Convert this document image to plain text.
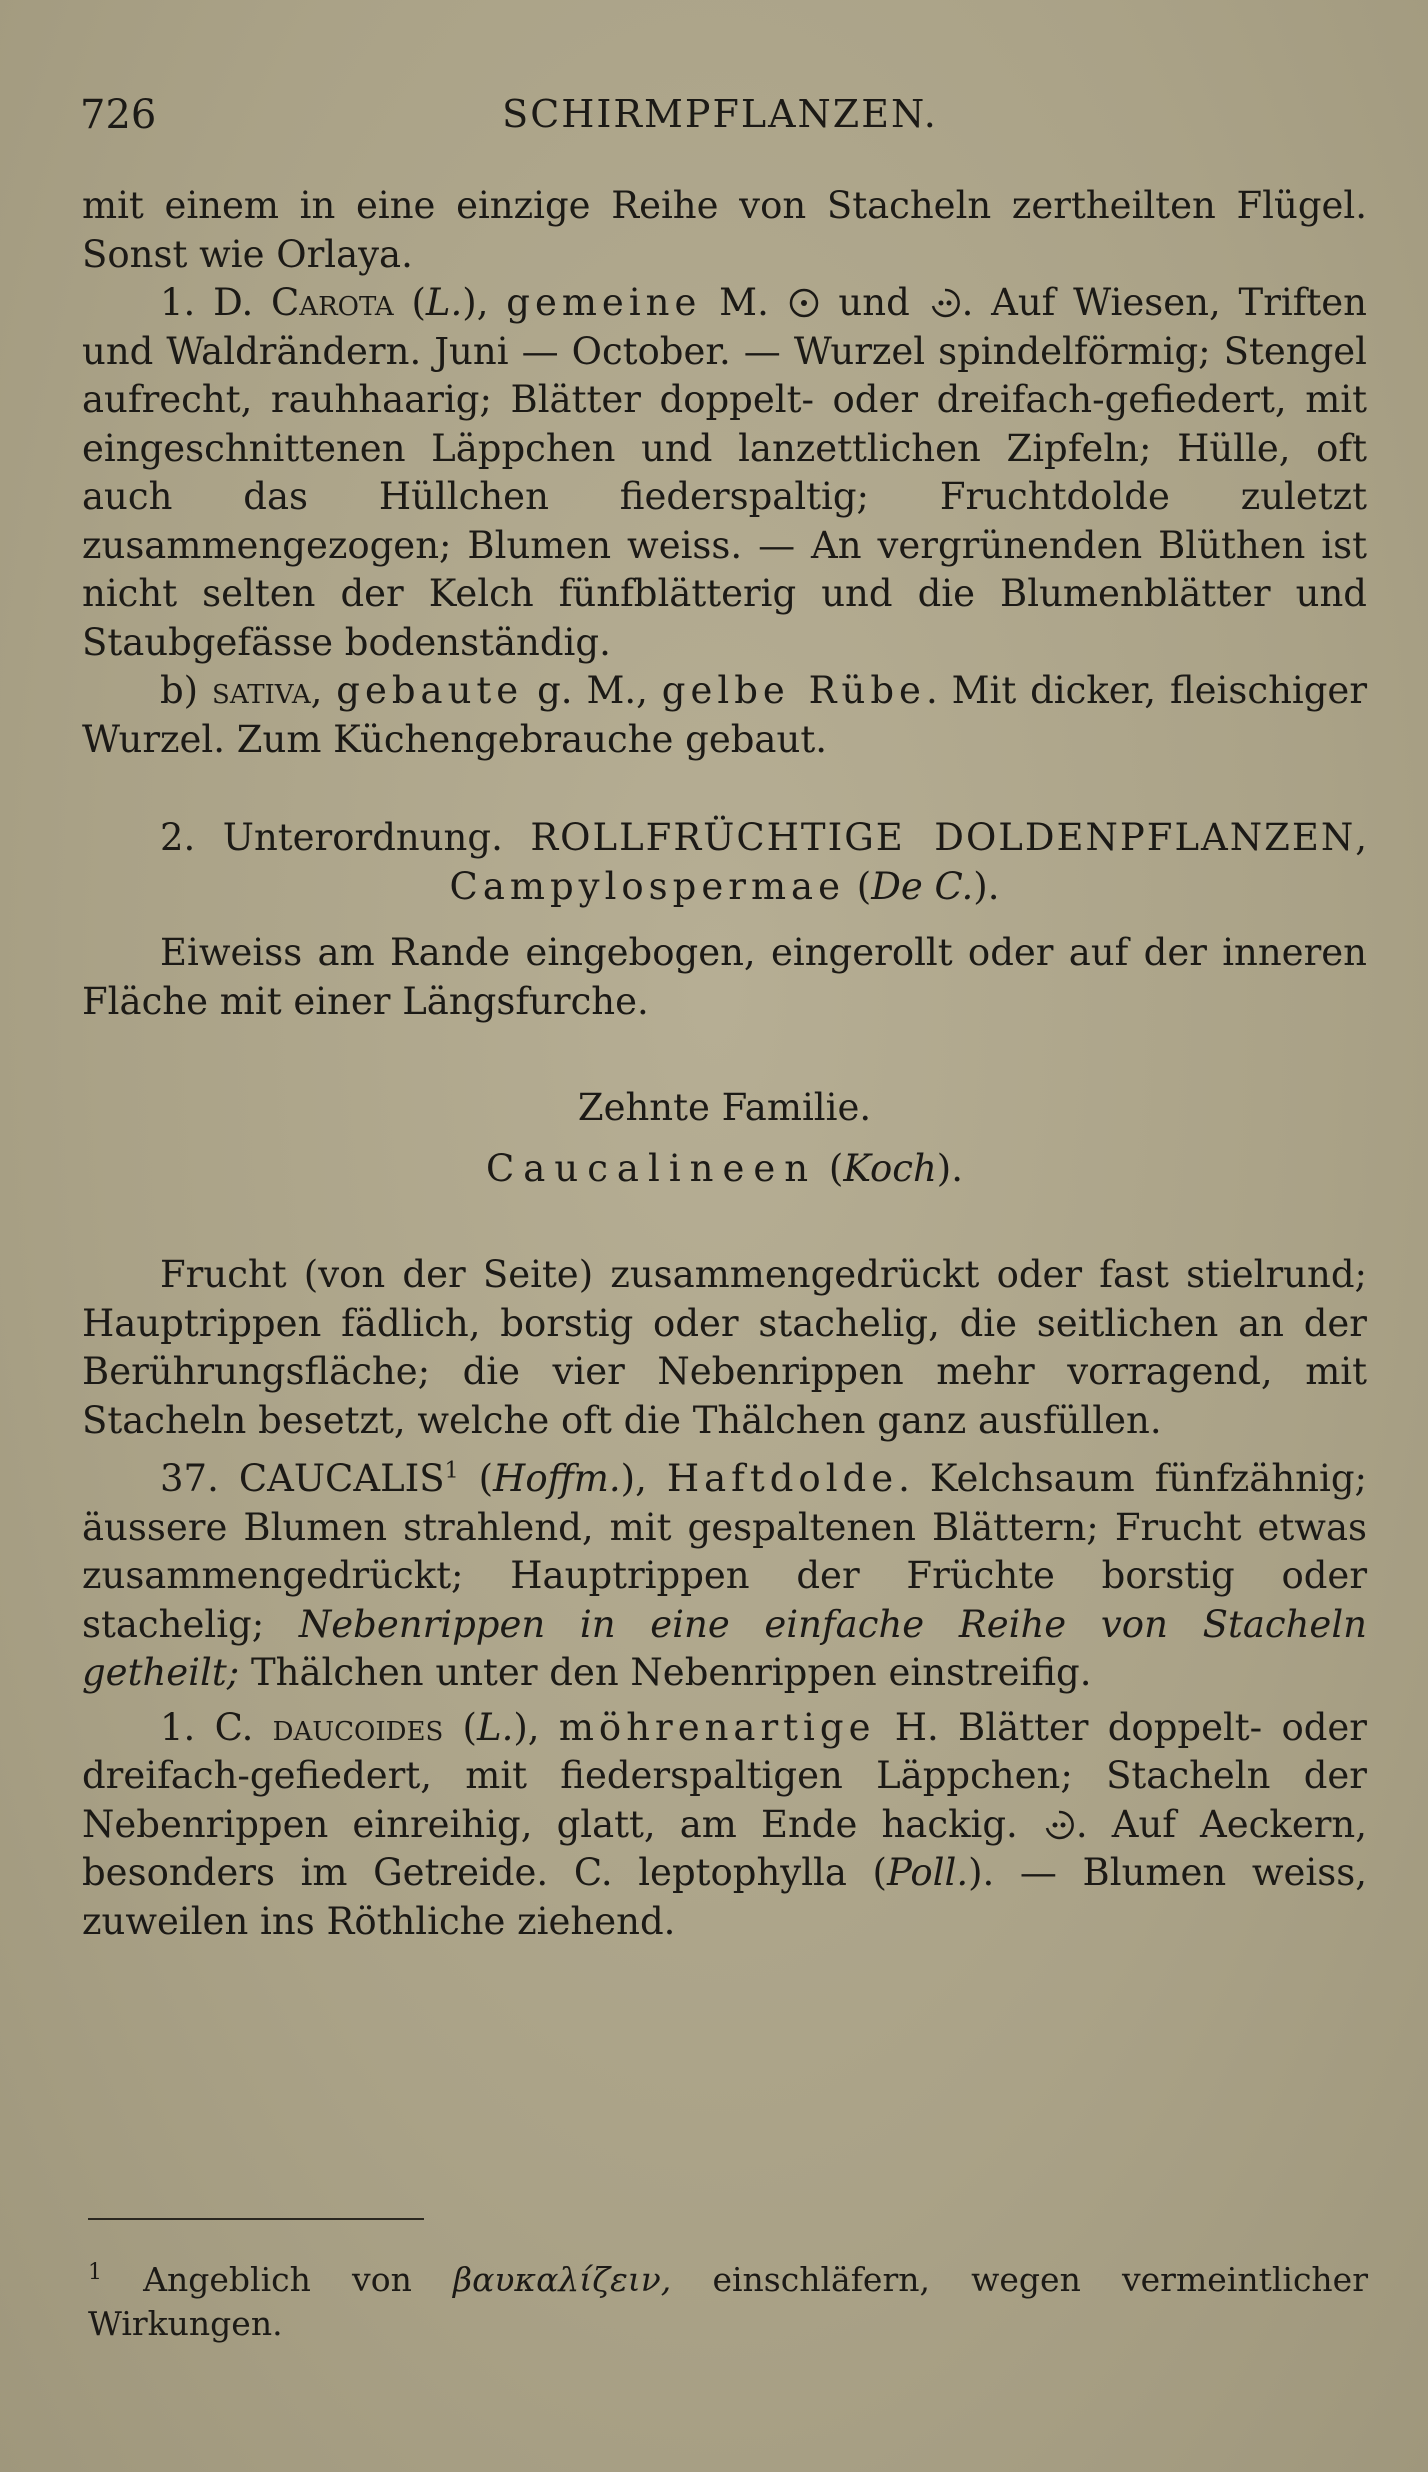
726	SCHIRMPFLANZEN.

mit einem in eine einzige Reihe von Stacheln zertheilten Flügel. Sonst wie Orlaya.

1. D. Carota (L.), gemeine M.  und . Auf Wiesen, Triften und Waldrändern. Juni — October. — Wurzel spindelförmig; Stengel aufrecht, rauhhaarig; Blätter doppelt- oder dreifach-gefiedert, mit eingeschnittenen Läppchen und lanzettlichen Zipfeln; Hülle, oft auch das Hüllchen fiederspaltig; Fruchtdolde zuletzt zusammengezogen; Blumen weiss. — An vergrünenden Blüthen ist nicht selten der Kelch fünfblätterig und die Blumenblätter und Staubgefässe bodenständig.

b) sativa, gebaute g. M., gelbe Rübe. Mit dicker, fleischiger Wurzel. Zum Küchengebrauche gebaut.

2. Unterordnung. ROLLFRÜCHTIGE DOLDENPFLANZEN, Campylospermae (De C.).

Eiweiss am Rande eingebogen, eingerollt oder auf der inneren Fläche mit einer Längsfurche.

Zehnte Familie.

Caucalineen (Koch).

Frucht (von der Seite) zusammengedrückt oder fast stielrund; Hauptrippen fädlich, borstig oder stachelig, die seitlichen an der Berührungsfläche; die vier Nebenrippen mehr vorragend, mit Stacheln besetzt, welche oft die Thälchen ganz ausfüllen.

37. CAUCALIS$^1$ (Hoffm.), Haftdolde. Kelchsaum fünfzähnig; äussere Blumen strahlend, mit gespaltenen Blättern; Frucht etwas zusammengedrückt; Hauptrippen der Früchte borstig oder stachelig; Nebenrippen in eine einfache Reihe von Stacheln getheilt; Thälchen unter den Nebenrippen einstreifig.

1. C. daucoides (L.), möhrenartige H. Blätter doppelt- oder dreifach-gefiedert, mit fiederspaltigen Läppchen; Stacheln der Nebenrippen einreihig, glatt, am Ende hackig. . Auf Aeckern, besonders im Getreide. C. leptophylla (Poll.). — Blumen weiss, zuweilen ins Röthliche ziehend.

$^1$ Angeblich von βαυκαλίζειν, einschläfern, wegen vermeintlicher Wirkungen.
